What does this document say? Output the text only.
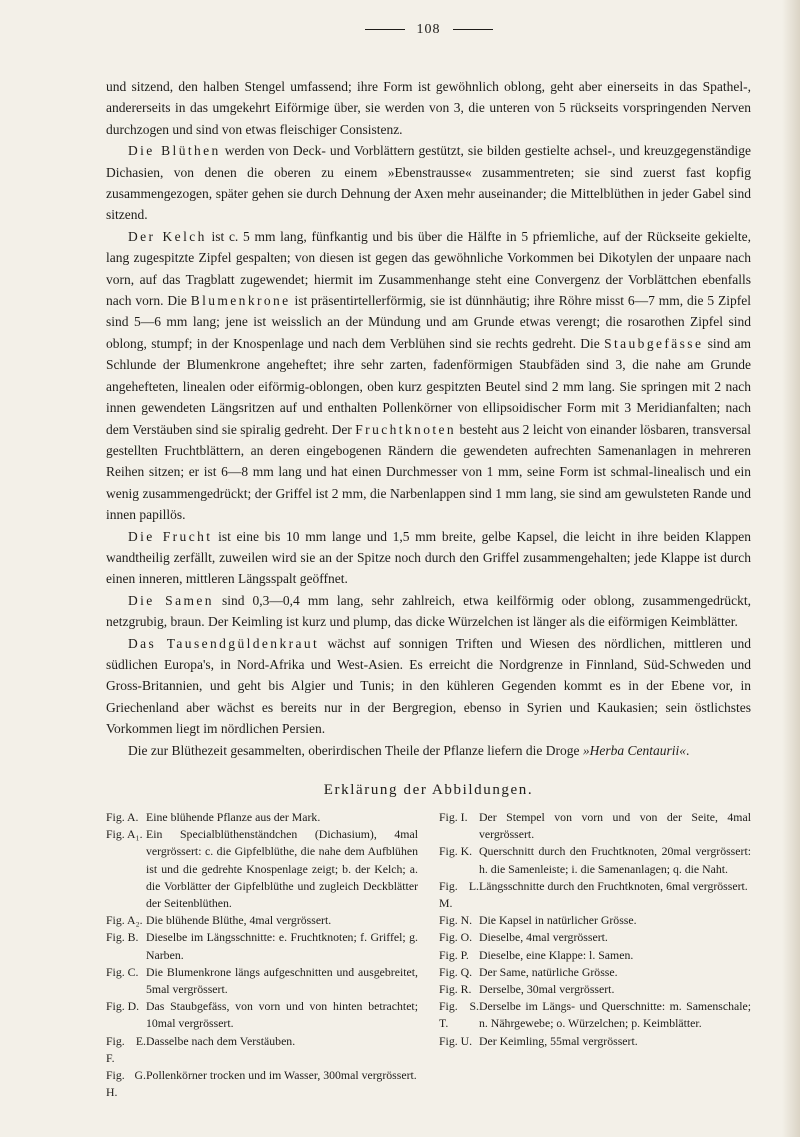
108

und sitzend, den halben Stengel umfassend; ihre Form ist gewöhnlich oblong, geht aber einerseits in das Spathel-, andererseits in das umgekehrt Eiförmige über, sie werden von 3, die unteren von 5 rückseits vorspringenden Nerven durchzogen und sind von etwas fleischiger Consistenz.

Die Blüthen werden von Deck- und Vorblättern gestützt, sie bilden gestielte achsel-, und kreuzgegenständige Dichasien, von denen die oberen zu einem »Ebenstrausse« zusammentreten; sie sind zuerst fast kopfig zusammengezogen, später gehen sie durch Dehnung der Axen mehr auseinander; die Mittelblüthen in jeder Gabel sind sitzend.

Der Kelch ist c. 5 mm lang, fünfkantig und bis über die Hälfte in 5 pfriemliche, auf der Rückseite gekielte, lang zugespitzte Zipfel gespalten; von diesen ist gegen das gewöhnliche Vorkommen bei Dikotylen der unpaare nach vorn, auf das Tragblatt zugewendet; hiermit im Zusammenhange steht eine Convergenz der Vorblättchen ebenfalls nach vorn. Die Blumenkrone ist präsentirtellerförmig, sie ist dünnhäutig; ihre Röhre misst 6—7 mm, die 5 Zipfel sind 5—6 mm lang; jene ist weisslich an der Mündung und am Grunde etwas verengt; die rosarothen Zipfel sind oblong, stumpf; in der Knospenlage und nach dem Verblühen sind sie rechts gedreht. Die Staubgefässe sind am Schlunde der Blumenkrone angeheftet; ihre sehr zarten, fadenförmigen Staubfäden sind 3, die nahe am Grunde angehefteten, linealen oder eiförmig-oblongen, oben kurz gespitzten Beutel sind 2 mm lang. Sie springen mit 2 nach innen gewendeten Längsritzen auf und enthalten Pollenkörner von ellipsoidischer Form mit 3 Meridianfalten; nach dem Verstäuben sind sie spiralig gedreht. Der Fruchtknoten besteht aus 2 leicht von einander lösbaren, transversal gestellten Fruchtblättern, an deren eingebogenen Rändern die gewendeten aufrechten Samenanlagen in mehreren Reihen sitzen; er ist 6—8 mm lang und hat einen Durchmesser von 1 mm, seine Form ist schmal-linealisch und ein wenig zusammengedrückt; der Griffel ist 2 mm, die Narbenlappen sind 1 mm lang, sie sind am gewulsteten Rande und innen papillös.

Die Frucht ist eine bis 10 mm lange und 1,5 mm breite, gelbe Kapsel, die leicht in ihre beiden Klappen wandtheilig zerfällt, zuweilen wird sie an der Spitze noch durch den Griffel zusammengehalten; jede Klappe ist durch einen inneren, mittleren Längsspalt geöffnet.

Die Samen sind 0,3—0,4 mm lang, sehr zahlreich, etwa keilförmig oder oblong, zusammengedrückt, netzgrubig, braun. Der Keimling ist kurz und plump, das dicke Würzelchen ist länger als die eiförmigen Keimblätter.

Das Tausendgüldenkraut wächst auf sonnigen Triften und Wiesen des nördlichen, mittleren und südlichen Europa's, in Nord-Afrika und West-Asien. Es erreicht die Nordgrenze in Finnland, Süd-Schweden und Gross-Britannien, und geht bis Algier und Tunis; in den kühleren Gegenden kommt es in der Ebene vor, in Griechenland aber wächst es bereits nur in der Bergregion, ebenso in Syrien und Kaukasien; sein östlichstes Vorkommen liegt im nördlichen Persien.

Die zur Blüthezeit gesammelten, oberirdischen Theile der Pflanze liefern die Droge »Herba Centaurii«.

Erklärung der Abbildungen.
Fig. A. Eine blühende Pflanze aus der Mark.
Fig. A₁. Ein Specialblüthenständchen (Dichasium), 4mal vergrössert: c. die Gipfelblüthe, die nahe dem Aufblühen ist und die gedrehte Knospenlage zeigt; b. der Kelch; a. die Vorblätter der Gipfelblüthe und zugleich Deckblätter der Seitenblüthen.
Fig. A₂. Die blühende Blüthe, 4mal vergrössert.
Fig. B. Dieselbe im Längsschnitte: e. Fruchtknoten; f. Griffel; g. Narben.
Fig. C. Die Blumenkrone längs aufgeschnitten und ausgebreitet, 5mal vergrössert.
Fig. D. Das Staubgefäss, von vorn und von hinten betrachtet; 10mal vergrössert.
Fig. E. F.
Dasselbe nach dem Verstäuben.
Fig. G. H.
Pollenkörner trocken und im Wasser, 300mal vergrössert.
Fig. I. Der Stempel von vorn und von der Seite, 4mal vergrössert.
Fig. K. Querschnitt durch den Fruchtknoten, 20mal vergrössert: h. die Samenleiste; i. die Samenanlagen; q. die Naht.
Fig. L. M.
Längsschnitte durch den Fruchtknoten, 6mal vergrössert.
Fig. N. Die Kapsel in natürlicher Grösse.
Fig. O. Dieselbe, 4mal vergrössert.
Fig. P. Dieselbe, eine Klappe: l. Samen.
Fig. Q. Der Same, natürliche Grösse.
Fig. R. Derselbe, 30mal vergrössert.
Fig. S. T.
Derselbe im Längs- und Querschnitte: m. Samenschale; n. Nährgewebe; o. Würzelchen; p. Keimblätter.
Fig. U. Der Keimling, 55mal vergrössert.
